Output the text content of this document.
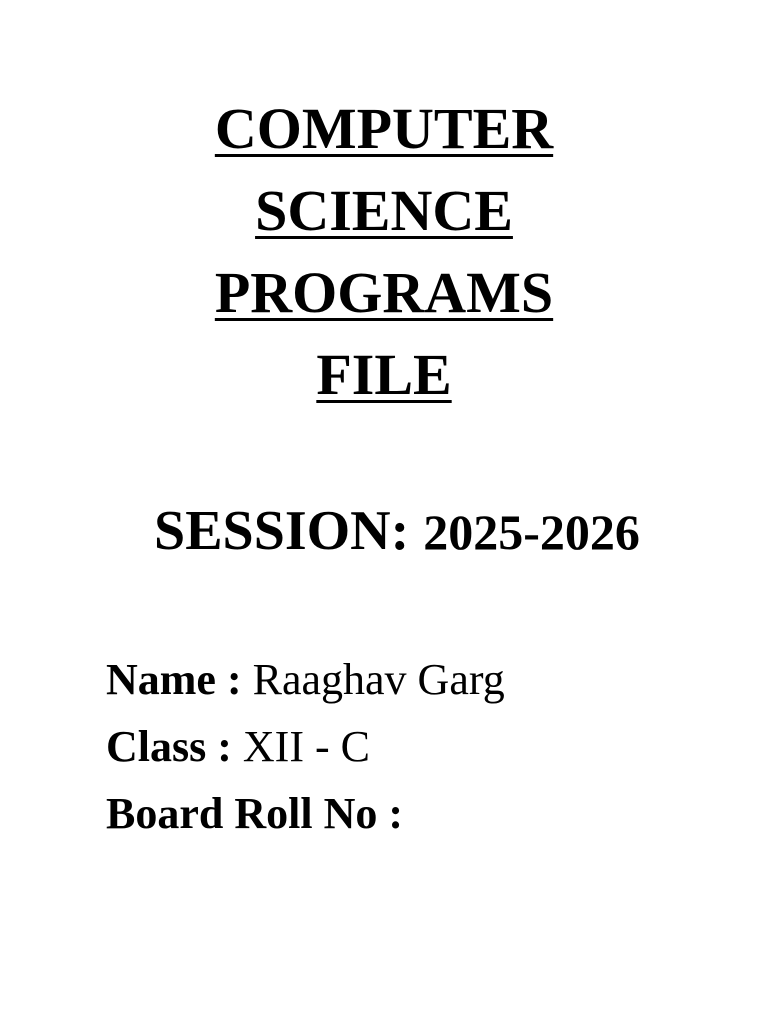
COMPUTER
SCIENCE
PROGRAMS
FILE
SESSION: 2025-2026
Name : Raaghav Garg
Class : XII - C
Board Roll No :
